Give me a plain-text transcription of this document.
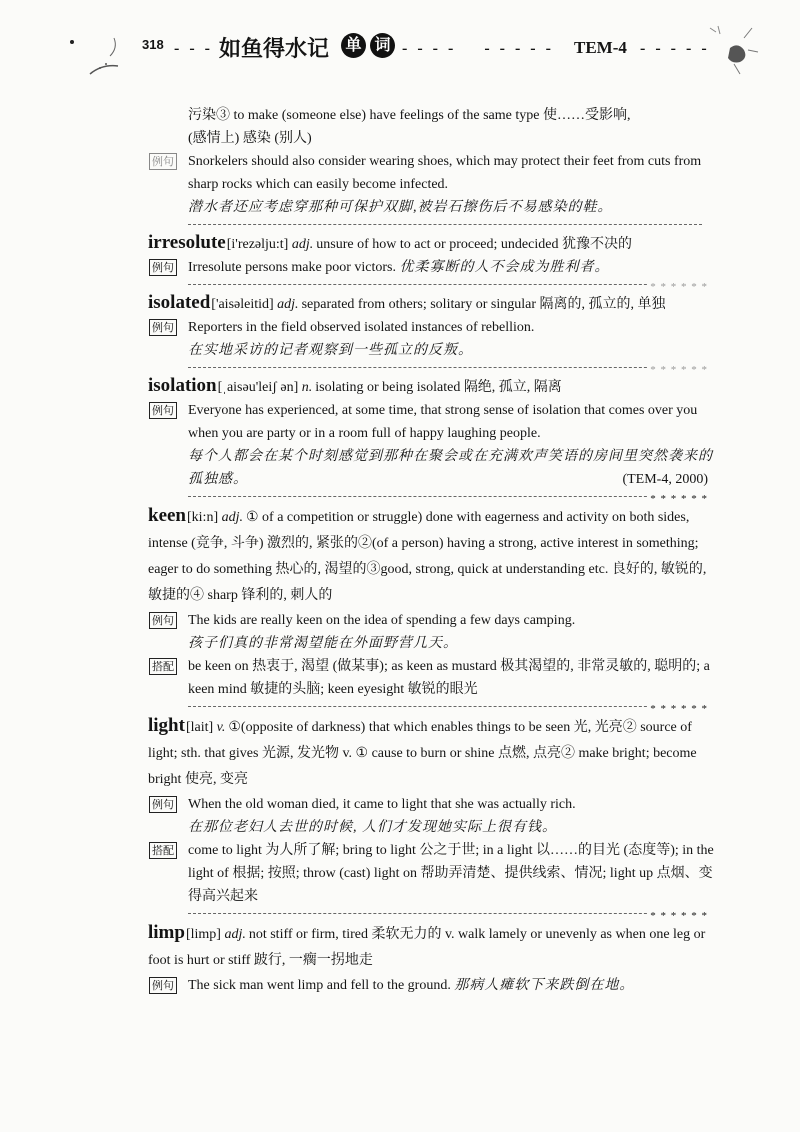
318 - - - 如鱼得水记 单 词 - - - -    - - - - - TEM-4 - - - - -
污染③ to make (someone else) have feelings of the same type 使……受影响,
(感情上) 感染 (别人)
例句 Snorkelers should also consider wearing shoes, which may protect their feet from cuts from sharp rocks which can easily become infected.
潜水者还应考虑穿那种可保护双脚,被岩石擦伤后不易感染的鞋。
irresolute[i'rezəlju:t] adj. unsure of how to act or proceed; undecided 犹豫不决的
例句 Irresolute persons make poor victors. 优柔寡断的人不会成为胜利者。
* * * * * *
isolated['aisəleitid] adj. separated from others; solitary or singular 隔离的, 孤立的, 单独
例句 Reporters in the field observed isolated instances of rebellion.
在实地采访的记者观察到一些孤立的反叛。
* * * * * *
isolation[ˌaisəu'leiʃ ən] n. isolating or being isolated 隔绝, 孤立, 隔离
例句 Everyone has experienced, at some time, that strong sense of isolation that comes over you when you are party or in a room full of happy laughing people.
每个人都会在某个时刻感觉到那种在聚会或在充满欢声笑语的房间里突然袭来的孤独感。	(TEM-4, 2000)
* * * * * *
keen[ki:n] adj. ① of a competition or struggle) done with eagerness and activity on both sides, intense (竞争, 斗争) 激烈的, 紧张的②(of a person) having a strong, active interest in something; eager to do something 热心的, 渴望的③good, strong, quick at understanding etc. 良好的, 敏锐的, 敏捷的④ sharp 锋利的, 刺人的
例句 The kids are really keen on the idea of spending a few days camping.
孩子们真的非常渴望能在外面野营几天。
搭配 be keen on 热衷于, 渴望 (做某事); as keen as mustard 极其渴望的, 非常灵敏的, 聪明的; a keen mind 敏捷的头脑; keen eyesight 敏锐的眼光
* * * * * *
light[lait] v. ①(opposite of darkness) that which enables things to be seen 光, 光亮② source of light; sth. that gives 光源, 发光物 v. ① cause to burn or shine 点燃, 点亮② make bright; become bright 使亮, 变亮
例句 When the old woman died, it came to light that she was actually rich.
在那位老妇人去世的时候, 人们才发现她实际上很有钱。
搭配 come to light 为人所了解; bring to light 公之于世; in a light 以……的目光 (态度等); in the light of 根据; 按照; throw (cast) light on 帮助弄清楚、提供线索、情况; light up 点烟、变得高兴起来
* * * * * *
limp[limp] adj. not stiff or firm, tired 柔软无力的 v. walk lamely or unevenly as when one leg or foot is hurt or stiff 跛行, 一瘸一拐地走
例句 The sick man went limp and fell to the ground. 那病人瘫软下来跌倒在地。
